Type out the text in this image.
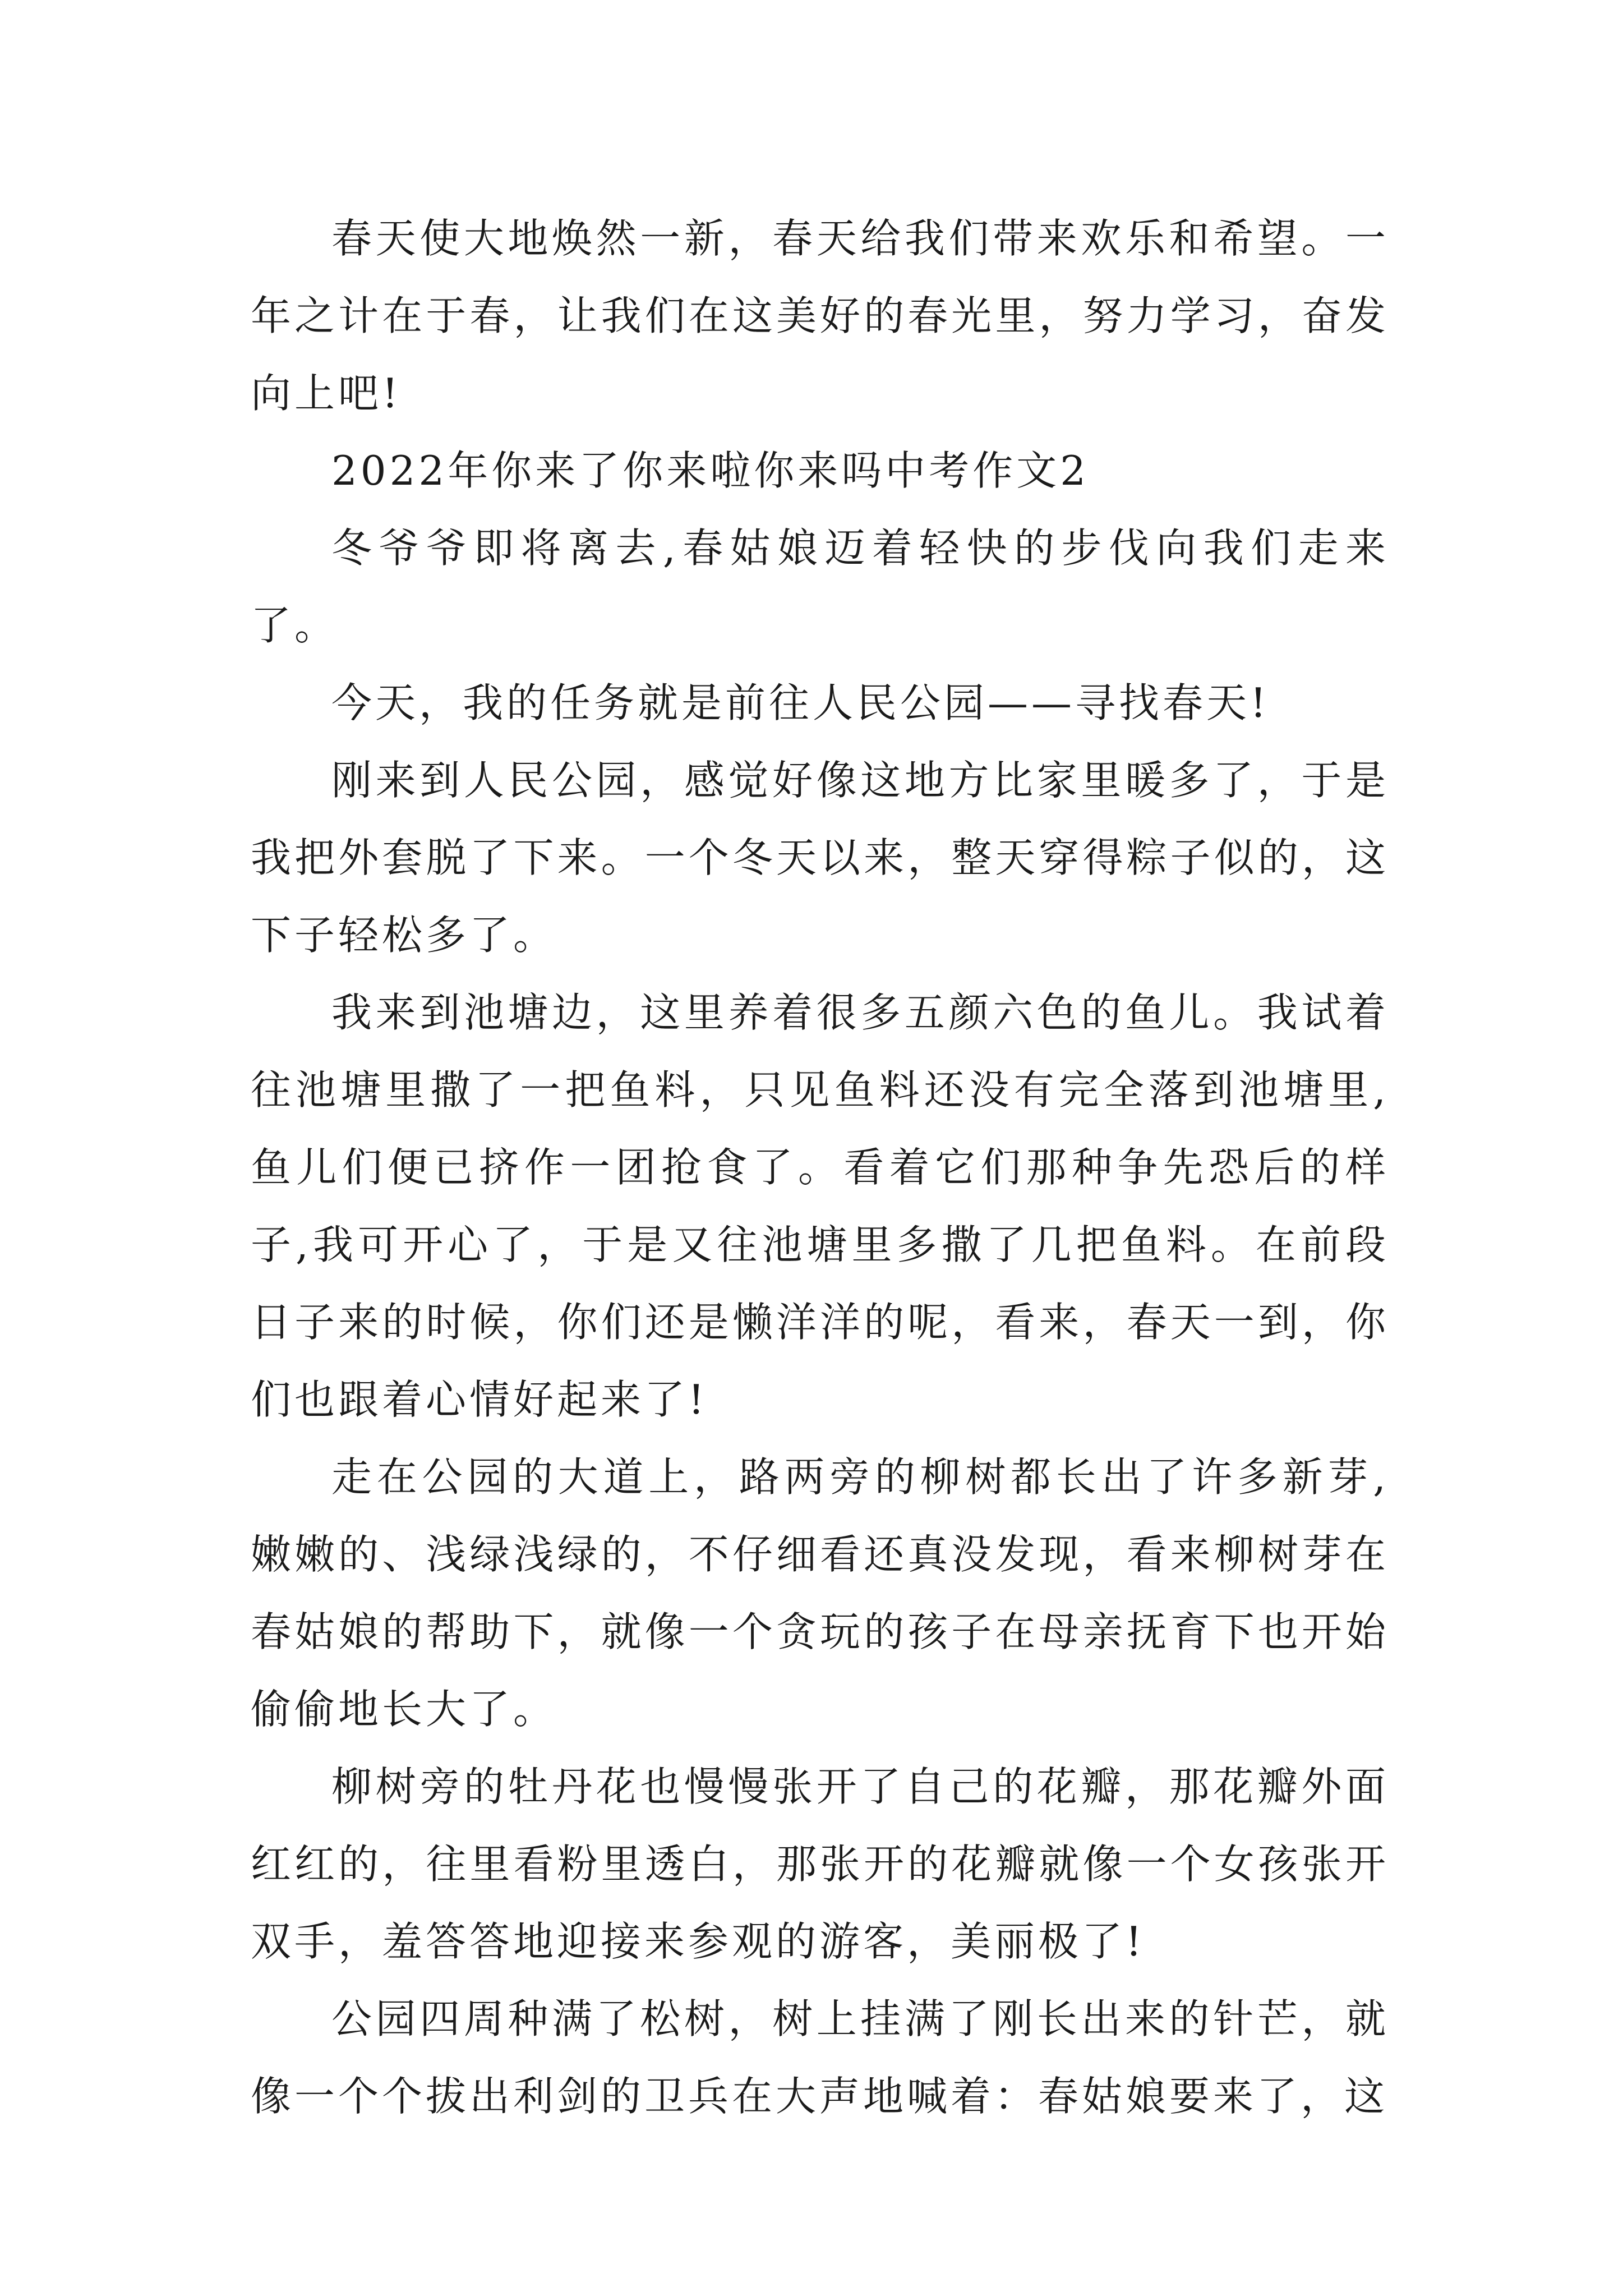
春天使大地焕然一新，春天给我们带来欢乐和希望。一年之计在于春，让我们在这美好的春光里，努力学习，奋发向上吧!

2022年你来了你来啦你来吗中考作文2

冬爷爷即将离去,春姑娘迈着轻快的步伐向我们走来了。

今天，我的任务就是前往人民公园——寻找春天!

刚来到人民公园，感觉好像这地方比家里暖多了，于是我把外套脱了下来。一个冬天以来，整天穿得粽子似的，这下子轻松多了。

我来到池塘边，这里养着很多五颜六色的鱼儿。我试着往池塘里撒了一把鱼料，只见鱼料还没有完全落到池塘里,鱼儿们便已挤作一团抢食了。看着它们那种争先恐后的样子,我可开心了，于是又往池塘里多撒了几把鱼料。在前段日子来的时候，你们还是懒洋洋的呢，看来，春天一到，你们也跟着心情好起来了!

走在公园的大道上，路两旁的柳树都长出了许多新芽,嫩嫩的、浅绿浅绿的，不仔细看还真没发现，看来柳树芽在春姑娘的帮助下，就像一个贪玩的孩子在母亲抚育下也开始偷偷地长大了。

柳树旁的牡丹花也慢慢张开了自己的花瓣，那花瓣外面红红的，往里看粉里透白，那张开的花瓣就像一个女孩张开双手，羞答答地迎接来参观的游客，美丽极了!

公园四周种满了松树，树上挂满了刚长出来的针芒，就像一个个拔出利剑的卫兵在大声地喊着：春姑娘要来了，这
